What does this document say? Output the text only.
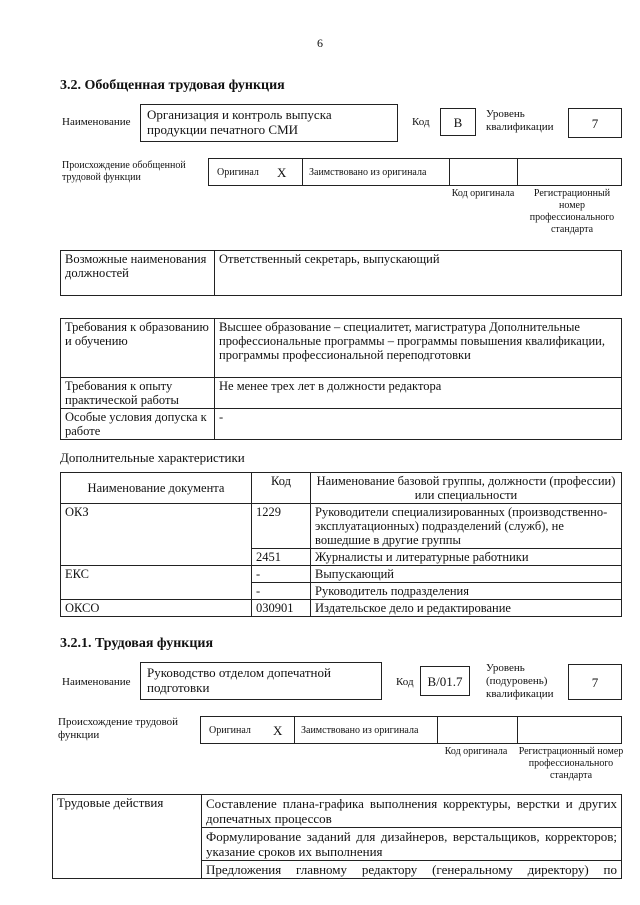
6
3.2. Обобщенная трудовая функция
Наименование	Организация и контроль выпуска продукции печатного СМИ	Код	B
Уровень квалификации	7
Происхождение обобщенной трудовой функции	Оригинал X Заимствовано из оригинала
Код оригинала	Регистрационный номер профессионального стандарта
Возможные наименования должностей	Ответственный секретарь, выпускающий
Требования к образованию и обучению	Высшее образование – специалитет, магистратура Дополнительные профессиональные программы – программы повышения квалификации, программы профессиональной переподготовки
Требования к опыту практической работы	Не менее трех лет в должности редактора
Особые условия допуска к работе	-
Дополнительные характеристики
Наименование документа	Код	Наименование базовой группы, должности (профессии) или специальности
ОКЗ	1229	Руководители специализированных (производственно-эксплуатационных) подразделений (служб), не вошедшие в другие группы
	2451	Журналисты и литературные работники
ЕКС	-	Выпускающий
	-	Руководитель подразделения
ОКСО	030901	Издательское дело и редактирование
3.2.1. Трудовая функция
Наименование
Руководство отделом допечатной подготовки	Код	B/01.7
Уровень (подуровень) квалификации
7
Происхождение трудовой функции	Оригинал X Заимствовано из оригинала
Код оригинала	Регистрационный номер профессионального стандарта
Трудовые действия	Составление плана-графика выполнения корректуры, верстки и других допечатных процессов
Формулирование заданий для дизайнеров, верстальщиков, корректоров; указание сроков их выполнения
Предложения главному редактору (генеральному директору) по
